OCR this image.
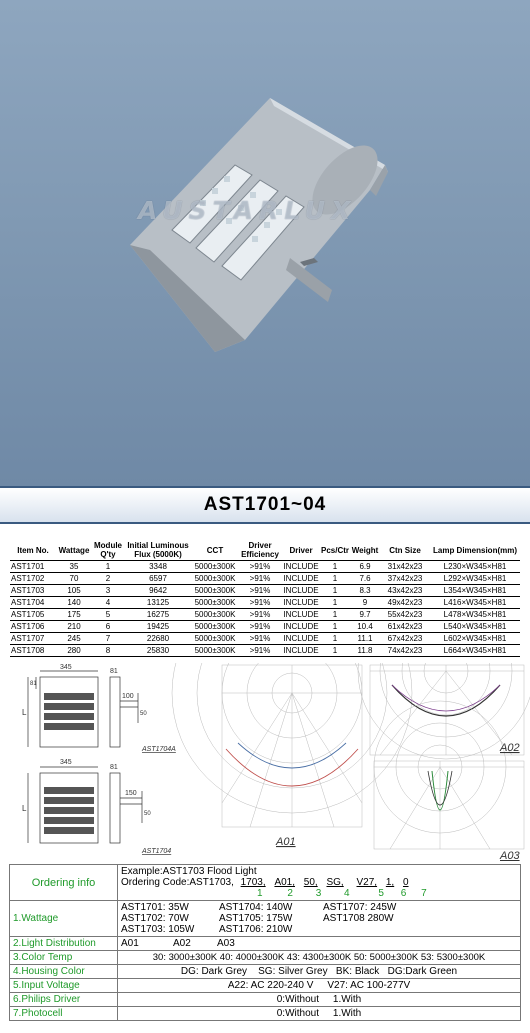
AUSTARLUX
AST1701~04
Item No.	Wattage	Module Q'ty	Initial Luminous Flux (5000K)	CCT	Driver Efficiency	Driver	Pcs/Ctr	Weight	Ctn Size	Lamp Dimension(mm)
AST1701	35	1	3348	5000±300K	>91%	INCLUDE	1	6.9	31x42x23	L230×W345×H81
AST1702	70	2	6597	5000±300K	>91%	INCLUDE	1	7.6	37x42x23	L292×W345×H81
AST1703	105	3	9642	5000±300K	>91%	INCLUDE	1	8.3	43x42x23	L354×W345×H81
AST1704	140	4	13125	5000±300K	>91%	INCLUDE	1	9	49x42x23	L416×W345×H81
AST1705	175	5	16275	5000±300K	>91%	INCLUDE	1	9.7	55x42x23	L478×W345×H81
AST1706	210	6	19425	5000±300K	>91%	INCLUDE	1	10.4	61x42x23	L540×W345×H81
AST1707	245	7	22680	5000±300K	>91%	INCLUDE	1	11.1	67x42x23	L602×W345×H81
AST1708	280	8	25830	5000±300K	>91%	INCLUDE	1	11.8	74x42x23	L664×W345×H81
345
81
100
50
L
81
AST1704A
345
81
150
50
L
AST1704
A01
A02
A03
Ordering info	Example:AST1703 Flood Light
Ordering Code:AST1703, 1703, A01, 50, SG, V27, 1, 0
1 2 3 4 5 6 7

1.Wattage	AST1701: 35W AST1704: 140W AST1707: 245W
AST1702: 70W AST1705: 175W AST1708 280W
AST1703: 105W AST1706: 210W

2.Light Distribution	A01 A02 A03
3.Color Temp	30: 3000±300K 40: 4000±300K 43: 4300±300K 50: 5000±300K 53: 5300±300K
4.Housing Color	DG: Dark Grey    SG: Silver Grey   BK: Black   DG:Dark Green
5.Input Voltage	A22: AC 220-240 V     V27: AC 100-277V
6.Philips Driver	0:Without     1.With
7.Photocell	0:Without     1.With
